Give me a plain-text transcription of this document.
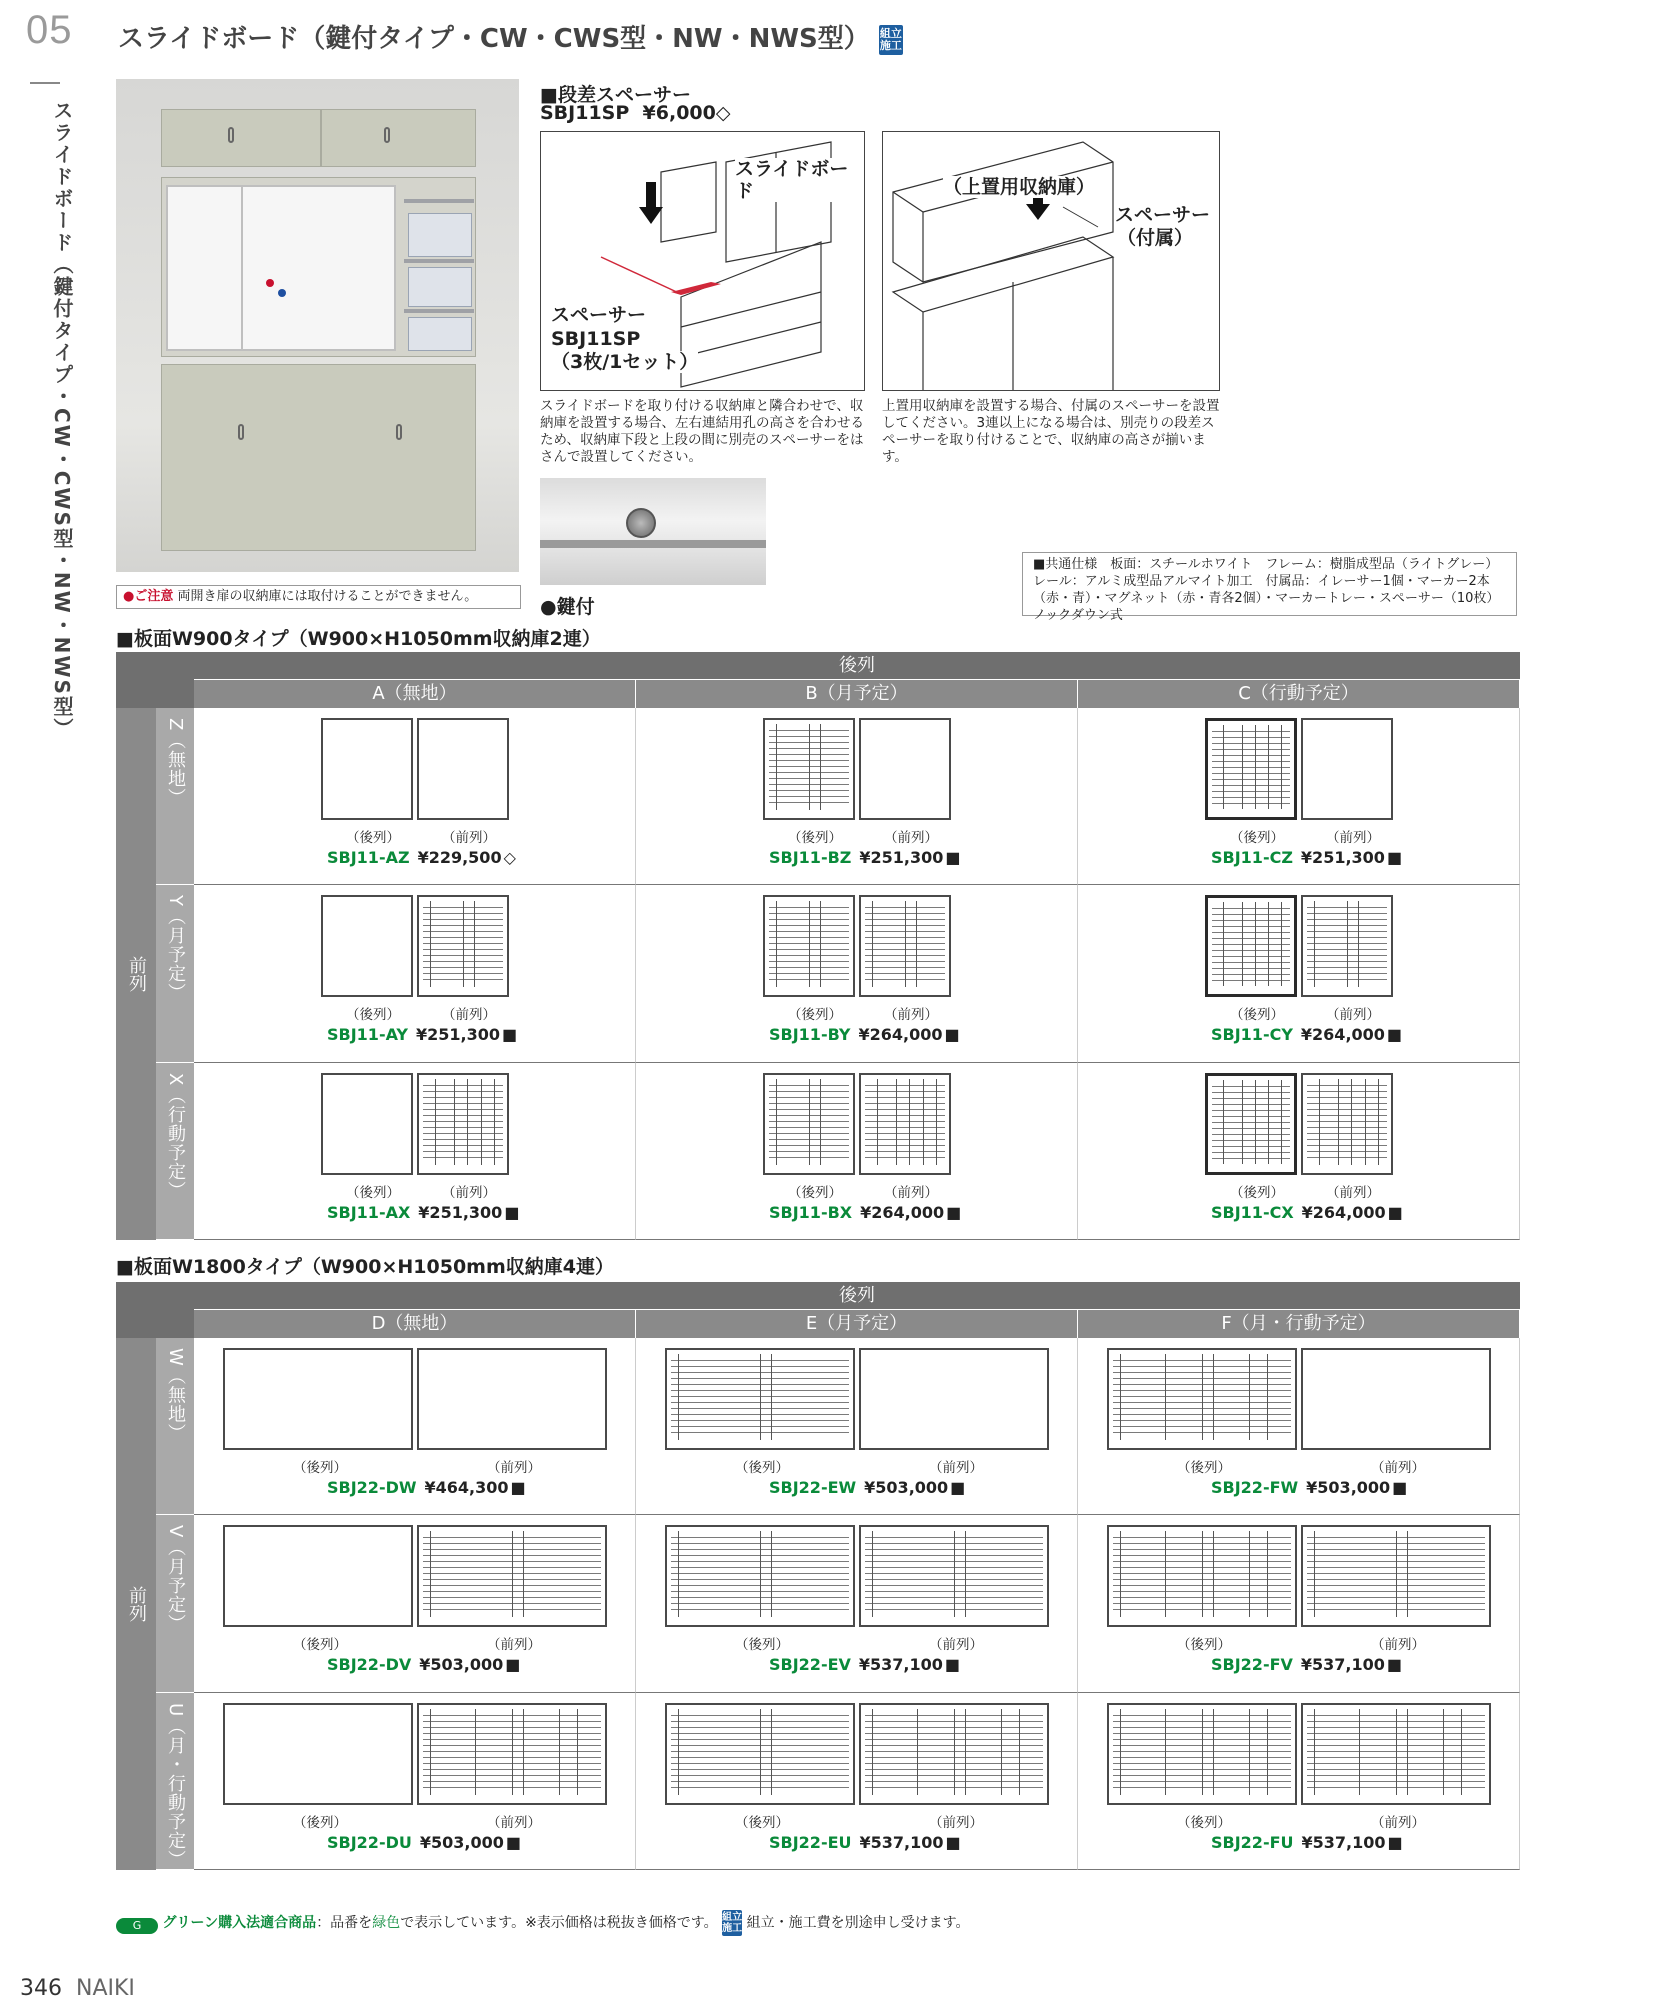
05
スライドボード（鍵付タイプ・CW・CWS型・NW・NWS型）
スライドボード（鍵付タイプ・CW・CWS型・NW・NWS型） 組立
施工
●ご注意 両開き扉の収納庫には取付けることができません。
■段差スペーサー
SBJ11SP ¥6,000◇
スライドボード
スペーサー
SBJ11SP
（3枚/1セット）
（上置用収納庫）
スペーサー
（付属）
スライドボードを取り付ける収納庫と隣合わせで、収納庫を設置する場合、左右連結用孔の高さを合わせるため、収納庫下段と上段の間に別売のスペーサーをはさんで設置してください。
上置用収納庫を設置する場合、付属のスペーサーを設置してください。3連以上になる場合は、別売りの段差スペーサーを取り付けることで、収納庫の高さが揃います。
●鍵付
■共通仕様　板面：スチールホワイト　フレーム：樹脂成型品（ライトグレー）レール：アルミ成型品アルマイト加工　付属品：イレーサー1個・マーカー2本（赤・青）・マグネット（赤・青各2個）・マーカートレー・スペーサー（10枚）ノックダウン式
■板面W900タイプ（W900×H1050mm収納庫2連）
後列
A（無地）	B（月予定）	C（行動予定）
前列
Z（無地）
（後列）	（前列）
SBJ11-AZ ¥229,500 ◇
（後列）	（前列）
SBJ11-BZ ¥251,300 ■
（後列）	（前列）
SBJ11-CZ ¥251,300 ■
Y（月予定）
（後列）	（前列）
SBJ11-AY ¥251,300 ■
（後列）	（前列）
SBJ11-BY ¥264,000 ■
（後列）	（前列）
SBJ11-CY ¥264,000 ■
X（行動予定）	（後列）	（前列）
SBJ11-AX ¥251,300 ■
（後列）	（前列）
SBJ11-BX ¥264,000 ■
（後列）	（前列）
SBJ11-CX ¥264,000 ■
■板面W1800タイプ（W900×H1050mm収納庫4連）
後列
D（無地）	E（月予定）	F（月・行動予定）
前列
W（無地）
（後列）	（前列）
SBJ22-DW ¥464,300 ■
（後列）	（前列）
SBJ22-EW ¥503,000 ■
（後列）	（前列）
SBJ22-FW ¥503,000 ■
V（月予定）
（後列）	（前列）
SBJ22-DV ¥503,000 ■
（後列）	（前列）
SBJ22-EV ¥537,100 ■
（後列）	（前列）
SBJ22-FV ¥537,100 ■
U（月・行動予定）	（後列）	（前列）
SBJ22-DU ¥503,000 ■
（後列）	（前列）
SBJ22-EU ¥537,100 ■
（後列）	（前列）
SBJ22-FU ¥537,100 ■
G グリーン購入法適合商品：品番を緑色で表示しています。※表示価格は税抜き価格です。 組立
施工 組立・施工費を別途申し受けます。
346 NAIKI
